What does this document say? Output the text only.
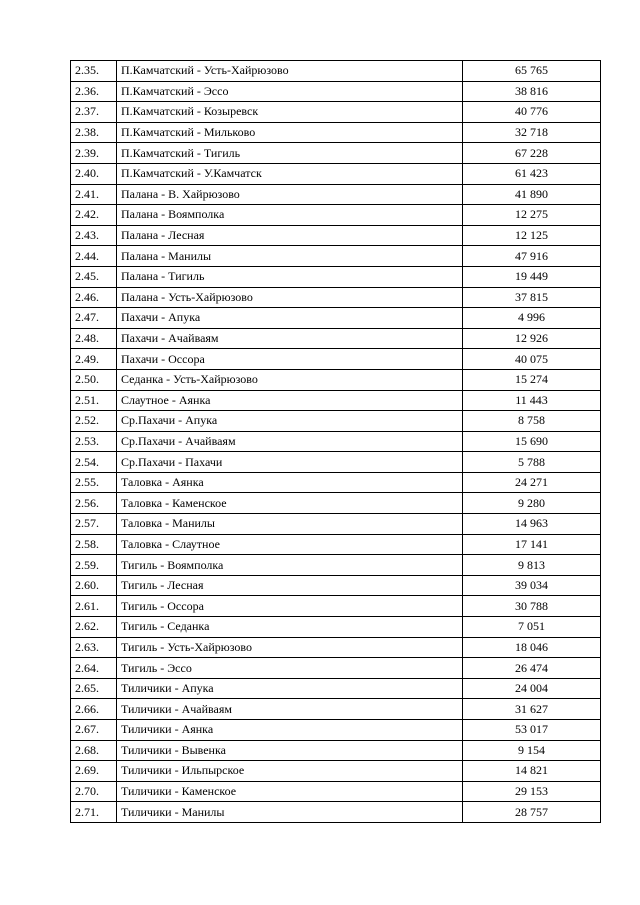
2.35.	П.Камчатский - Усть-Хайрюзово	65 765
2.36.	П.Камчатский - Эссо	38 816
2.37.	П.Камчатский - Козыревск	40 776
2.38.	П.Камчатский - Мильково	32 718
2.39.	П.Камчатский - Тигиль	67 228
2.40.	П.Камчатский - У.Камчатск	61 423
2.41.	Палана - В. Хайрюзово	41 890
2.42.	Палана - Воямполка	12 275
2.43.	Палана - Лесная	12 125
2.44.	Палана - Манилы	47 916
2.45.	Палана - Тигиль	19 449
2.46.	Палана - Усть-Хайрюзово	37 815
2.47.	Пахачи - Апука	4 996
2.48.	Пахачи - Ачайваям	12 926
2.49.	Пахачи - Оссора	40 075
2.50.	Седанка - Усть-Хайрюзово	15 274
2.51.	Слаутное - Аянка	11 443
2.52.	Ср.Пахачи - Апука	8 758
2.53.	Ср.Пахачи - Ачайваям	15 690
2.54.	Ср.Пахачи - Пахачи	5 788
2.55.	Таловка - Аянка	24 271
2.56.	Таловка - Каменское	9 280
2.57.	Таловка - Манилы	14 963
2.58.	Таловка - Слаутное	17 141
2.59.	Тигиль - Воямполка	9 813
2.60.	Тигиль - Лесная	39 034
2.61.	Тигиль - Оссора	30 788
2.62.	Тигиль - Седанка	7 051
2.63.	Тигиль - Усть-Хайрюзово	18 046
2.64.	Тигиль - Эссо	26 474
2.65.	Тиличики - Апука	24 004
2.66.	Тиличики - Ачайваям	31 627
2.67.	Тиличики - Аянка	53 017
2.68.	Тиличики - Вывенка	9 154
2.69.	Тиличики - Ильпырское	14 821
2.70.	Тиличики - Каменское	29 153
2.71.	Тиличики - Манилы	28 757
